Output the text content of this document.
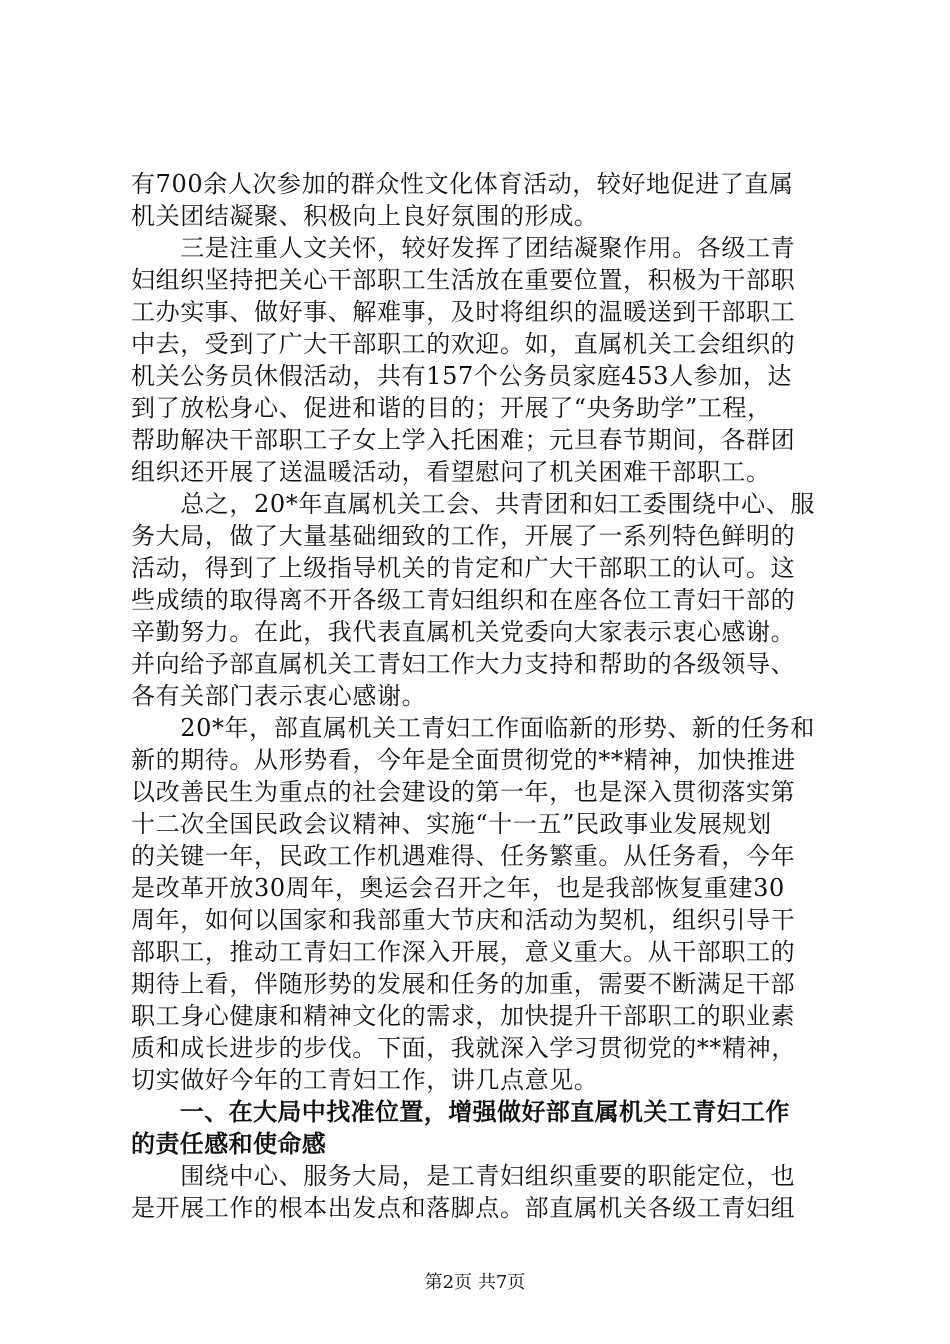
有700余人次参加的群众性文化体育活动，较好地促进了直属
机关团结凝聚、积极向上良好氛围的形成。
　　三是注重人文关怀，较好发挥了团结凝聚作用。各级工青
妇组织坚持把关心干部职工生活放在重要位置，积极为干部职
工办实事、做好事、解难事，及时将组织的温暖送到干部职工
中去，受到了广大干部职工的欢迎。如，直属机关工会组织的
机关公务员休假活动，共有157个公务员家庭453人参加，达
到了放松身心、促进和谐的目的；开展了“央务助学”工程，
帮助解决干部职工子女上学入托困难；元旦春节期间，各群团
组织还开展了送温暖活动，看望慰问了机关困难干部职工。
　　总之，20*年直属机关工会、共青团和妇工委围绕中心、服
务大局，做了大量基础细致的工作，开展了一系列特色鲜明的
活动，得到了上级指导机关的肯定和广大干部职工的认可。这
些成绩的取得离不开各级工青妇组织和在座各位工青妇干部的
辛勤努力。在此，我代表直属机关党委向大家表示衷心感谢。
并向给予部直属机关工青妇工作大力支持和帮助的各级领导、
各有关部门表示衷心感谢。
　　20*年，部直属机关工青妇工作面临新的形势、新的任务和
新的期待。从形势看，今年是全面贯彻党的**精神，加快推进
以改善民生为重点的社会建设的第一年，也是深入贯彻落实第
十二次全国民政会议精神、实施“十一五”民政事业发展规划
的关键一年，民政工作机遇难得、任务繁重。从任务看，今年
是改革开放30周年，奥运会召开之年，也是我部恢复重建30
周年，如何以国家和我部重大节庆和活动为契机，组织引导干
部职工，推动工青妇工作深入开展，意义重大。从干部职工的
期待上看，伴随形势的发展和任务的加重，需要不断满足干部
职工身心健康和精神文化的需求，加快提升干部职工的职业素
质和成长进步的步伐。下面，我就深入学习贯彻党的**精神，
切实做好今年的工青妇工作，讲几点意见。
　　一、在大局中找准位置，增强做好部直属机关工青妇工作
的责任感和使命感
　　围绕中心、服务大局，是工青妇组织重要的职能定位，也
是开展工作的根本出发点和落脚点。部直属机关各级工青妇组
第2页 共7页
